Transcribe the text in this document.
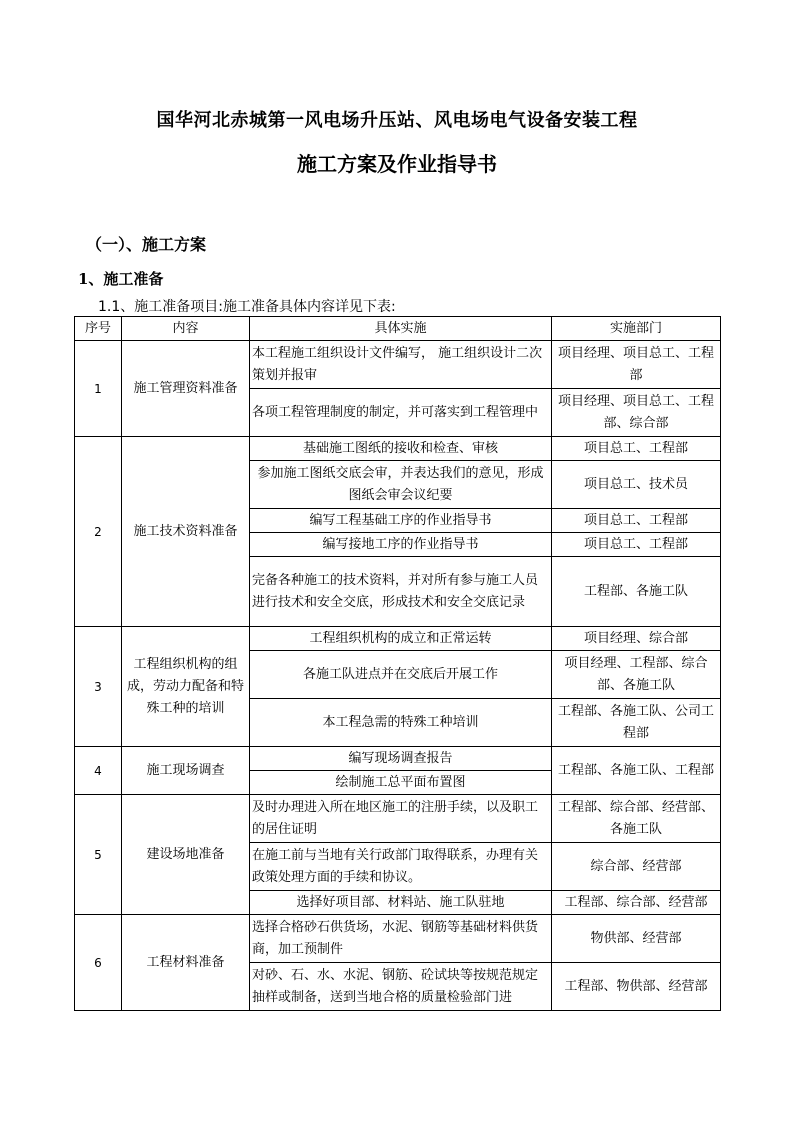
国华河北赤城第一风电场升压站、风电场电气设备安装工程
施工方案及作业指导书
（一）、施工方案
1、施工准备
1.1、施工准备项目:施工准备具体内容详见下表:
序号	内容	具体实施	实施部门
1	施工管理资料准备	本工程施工组织设计文件编写， 施工组织设计二次策划并报审	项目经理、项目总工、工程部
		各项工程管理制度的制定，并可落实到工程管理中	项目经理、项目总工、工程部、综合部
2	施工技术资料准备	基础施工图纸的接收和检查、审核	项目总工、工程部
		参加施工图纸交底会审，并表达我们的意见，形成图纸会审会议纪要	项目总工、技术员
		编写工程基础工序的作业指导书	项目总工、工程部
		编写接地工序的作业指导书	项目总工、工程部
		完备各种施工的技术资料，并对所有参与施工人员进行技术和安全交底，形成技术和安全交底记录	工程部、各施工队
3	工程组织机构的组成，劳动力配备和特殊工种的培训	工程组织机构的成立和正常运转	项目经理、综合部
		各施工队进点并在交底后开展工作	项目经理、工程部、综合部、各施工队
		本工程急需的特殊工种培训	工程部、各施工队、公司工程部
4	施工现场调查	编写现场调查报告	工程部、各施工队、工程部
		绘制施工总平面布置图	
5	建设场地准备	及时办理进入所在地区施工的注册手续，以及职工的居住证明	工程部、综合部、经营部、各施工队
		在施工前与当地有关行政部门取得联系，办理有关政策处理方面的手续和协议。	综合部、经营部
		选择好项目部、材料站、施工队驻地	工程部、综合部、经营部
6	工程材料准备	选择合格砂石供货场，水泥、钢筋等基础材料供货商，加工预制件	物供部、经营部
		对砂、石、水、水泥、钢筋、砼试块等按规范规定抽样或制备，送到当地合格的质量检验部门进	工程部、物供部、经营部
